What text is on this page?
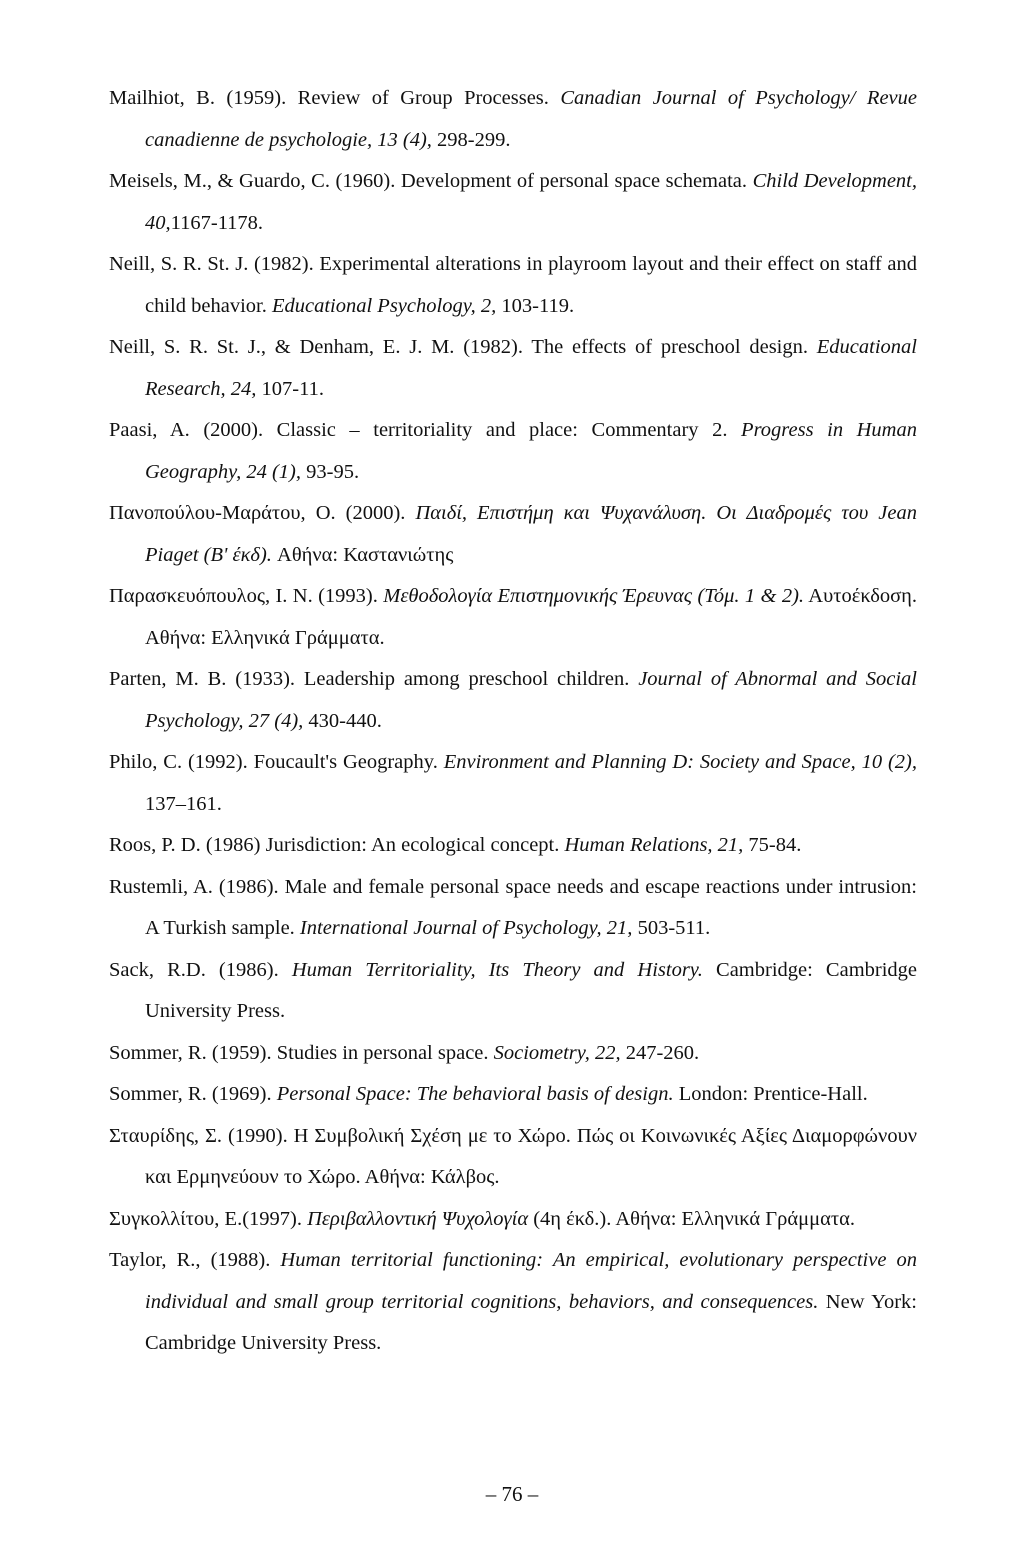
Mailhiot, B. (1959). Review of Group Processes. Canadian Journal of Psychology/ Revue canadienne de psychologie, 13 (4), 298-299.
Meisels, M., & Guardo, C. (1960). Development of personal space schemata. Child Development, 40,1167-1178.
Neill, S. R. St. J. (1982). Experimental alterations in playroom layout and their effect on staff and child behavior. Educational Psychology, 2, 103-119.
Neill, S. R. St. J., & Denham, E. J. M. (1982). The effects of preschool design. Educational Research, 24, 107-11.
Paasi, A. (2000). Classic – territoriality and place: Commentary 2. Progress in Human Geography, 24 (1), 93-95.
Πανοπούλου-Μαράτου, Ο. (2000). Παιδί, Επιστήμη και Ψυχανάλυση. Οι Διαδρομές του Jean Piaget (Β' έκδ). Αθήνα: Καστανιώτης
Παρασκευόπουλος, Ι. Ν. (1993). Μεθοδολογία Επιστημονικής Έρευνας (Τόμ. 1 & 2). Αυτοέκδοση. Αθήνα: Ελληνικά Γράμματα.
Parten, M. B. (1933). Leadership among preschool children. Journal of Abnormal and Social Psychology, 27 (4), 430-440.
Philo, C. (1992). Foucault's Geography. Environment and Planning D: Society and Space, 10 (2), 137–161.
Roos, P. D. (1986) Jurisdiction: An ecological concept. Human Relations, 21, 75-84.
Rustemli, A. (1986). Male and female personal space needs and escape reactions under intrusion: A Turkish sample. International Journal of Psychology, 21, 503-511.
Sack, R.D. (1986). Human Territoriality, Its Theory and History. Cambridge: Cambridge University Press.
Sommer, R. (1959). Studies in personal space. Sociometry, 22, 247-260.
Sommer, R. (1969). Personal Space: The behavioral basis of design. London: Prentice-Hall.
Σταυρίδης, Σ. (1990). Η Συμβολική Σχέση με το Χώρο. Πώς οι Κοινωνικές Αξίες Διαμορφώνουν και Ερμηνεύουν το Χώρο. Αθήνα: Κάλβος.
Συγκολλίτου, Ε.(1997). Περιβαλλοντική Ψυχολογία (4η έκδ.). Αθήνα: Ελληνικά Γράμματα.
Taylor, R., (1988). Human territorial functioning: An empirical, evolutionary perspective on individual and small group territorial cognitions, behaviors, and consequences. New York: Cambridge University Press.
– 76 –
